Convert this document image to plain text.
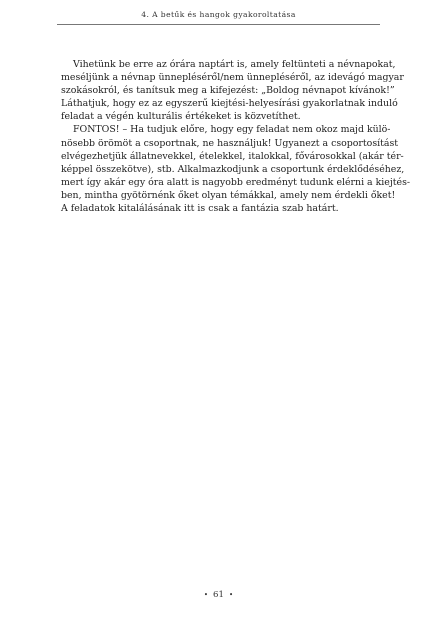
4. A betűk és hangok gyakoroltatása
Vihetünk be erre az órára naptárt is, amely feltünteti a névnapokat,
meséljünk a névnap ünnepléséről/nem ünnepléséről, az idevágó magyar
szokásokról, és tanítsuk meg a kifejezést: „Boldog névnapot kívánok!”
Láthatjuk, hogy ez az egyszerű kiejtési-helyesírási gyakorlatnak induló
feladat a végén kulturális értékeket is közvetíthet.
FONTOS! – Ha tudjuk előre, hogy egy feladat nem okoz majd külö-
nösebb örömöt a csoportnak, ne használjuk! Ugyanezt a csoportosítást
elvégezhetjük állatnevekkel, ételekkel, italokkal, fővárosokkal (akár tér-
képpel összekötve), stb. Alkalmazkodjunk a csoportunk érdeklődéséhez,
mert így akár egy óra alatt is nagyobb eredményt tudunk elérni a kiejtés-
ben, mintha gyötörnénk őket olyan témákkal, amely nem érdekli őket!
A feladatok kitalálásának itt is csak a fantázia szab határt.
• 61 •
